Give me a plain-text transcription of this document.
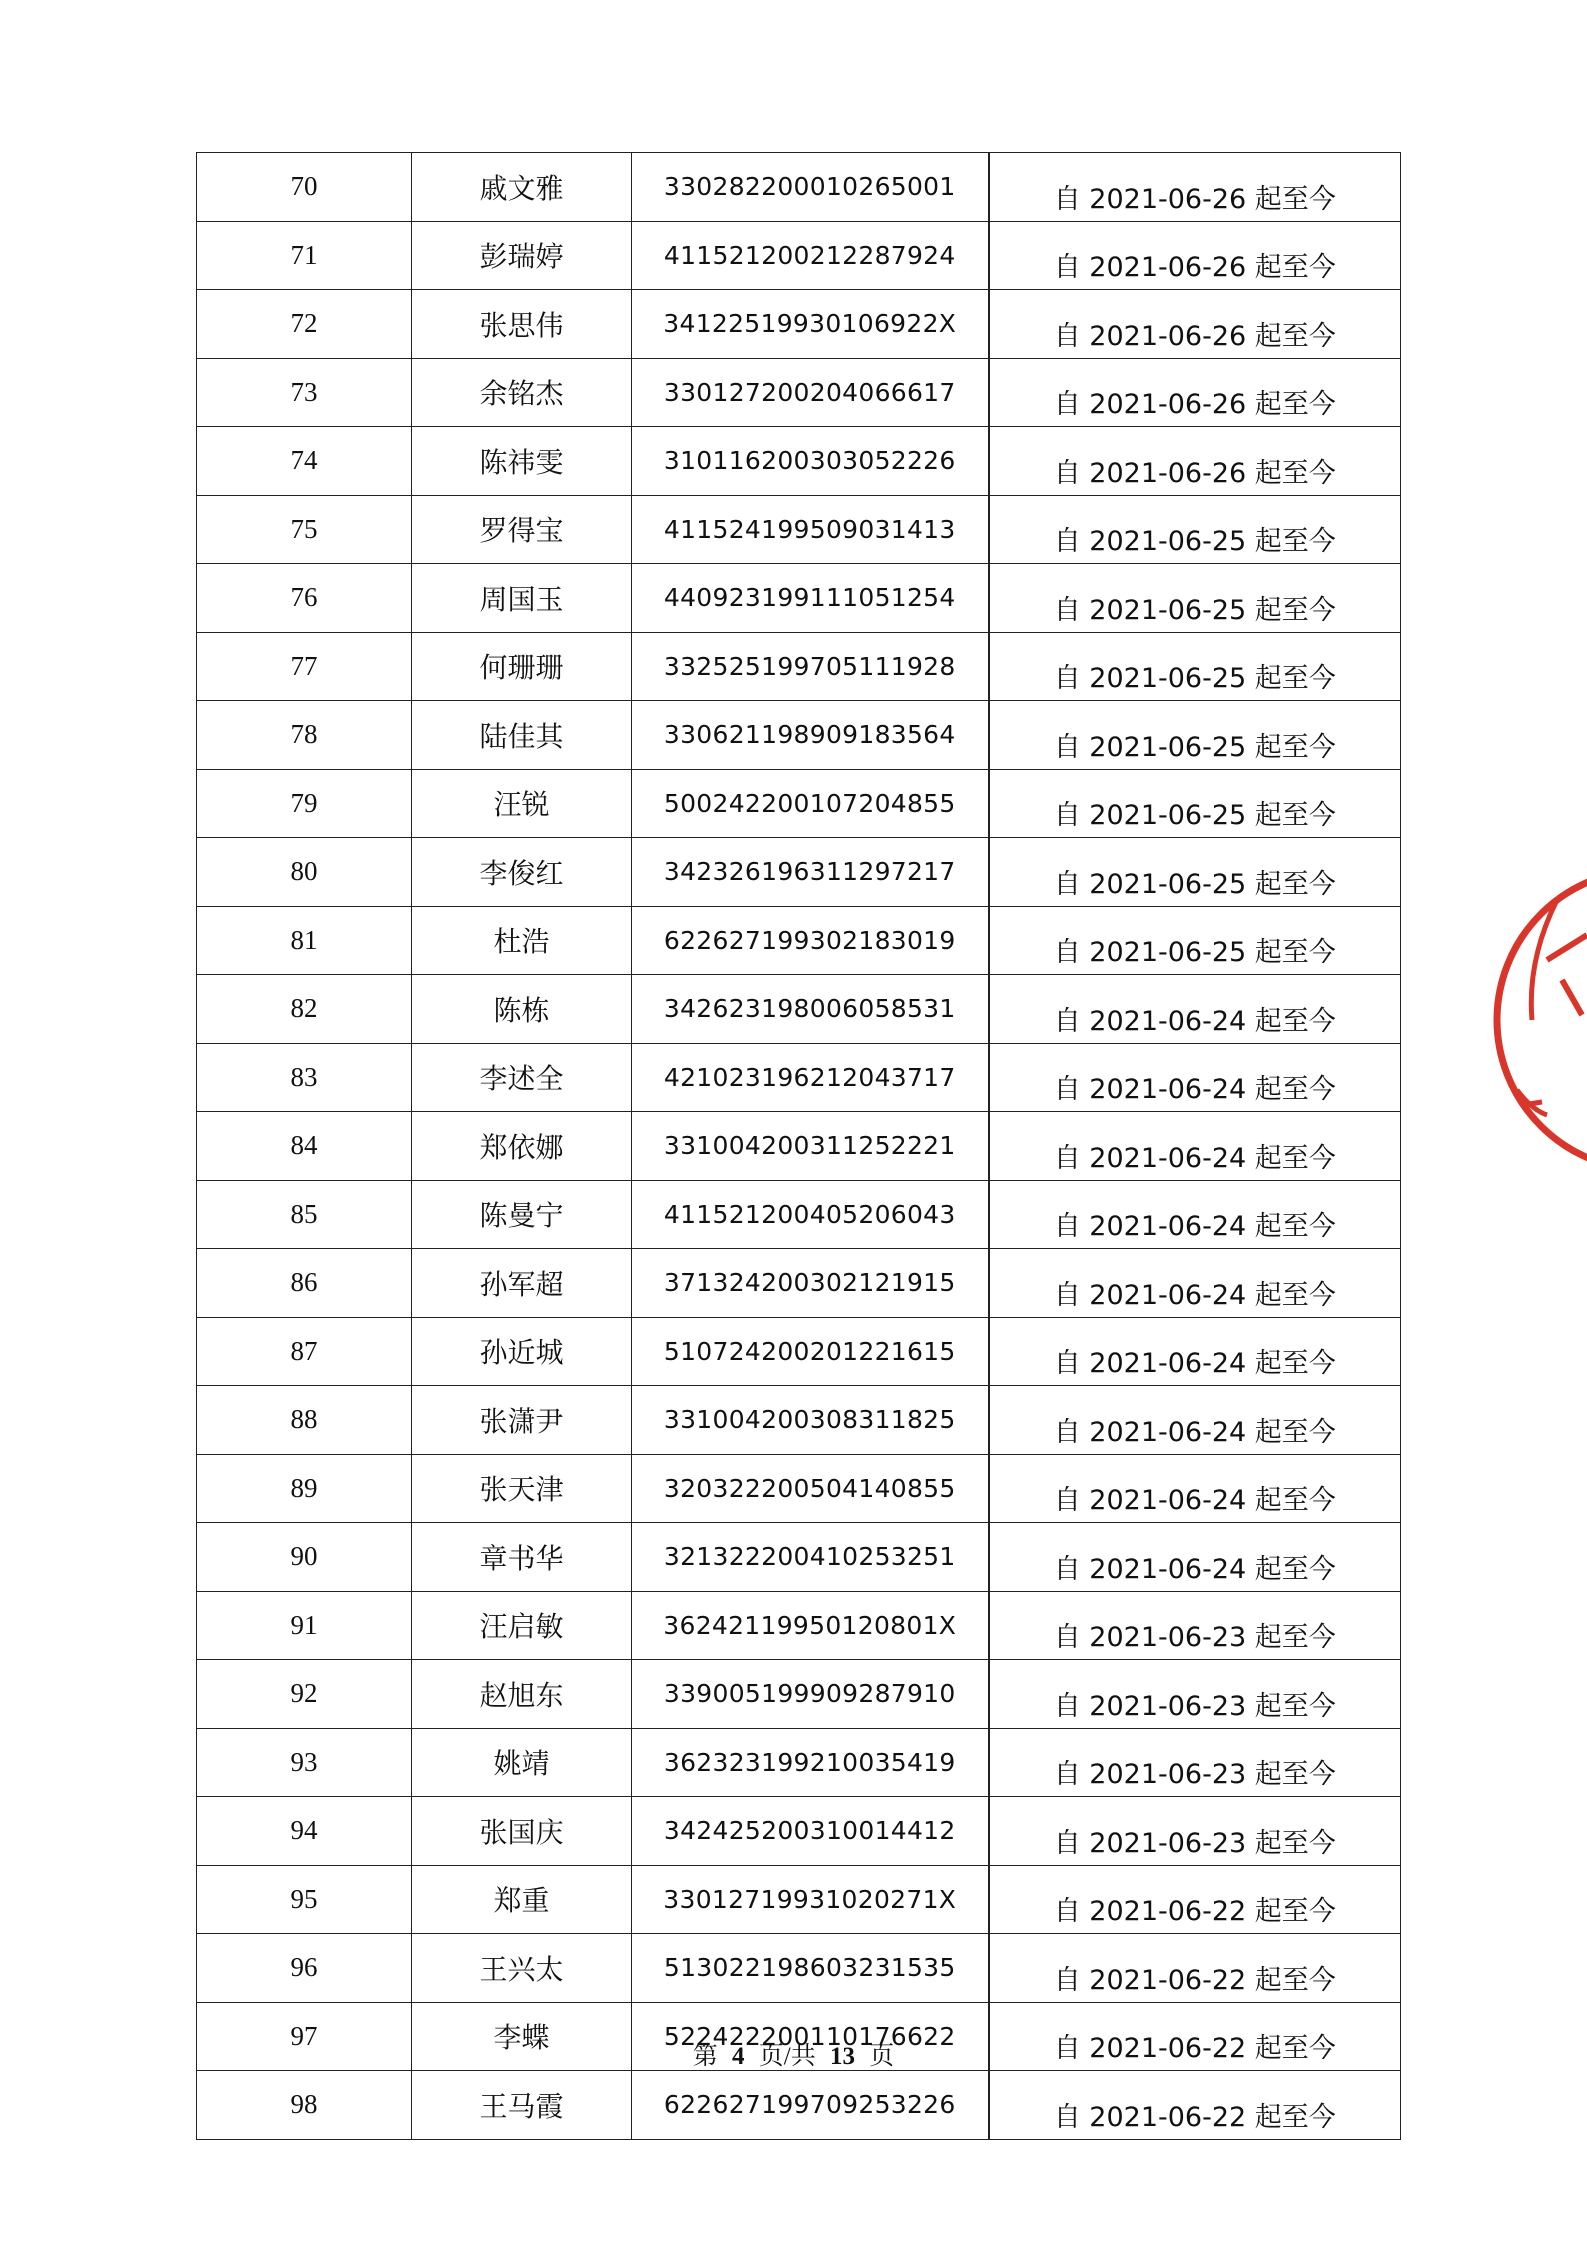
70	戚文雅	330282200010265001	自 2021-06-26 起至今
71	彭瑞婷	411521200212287924	自 2021-06-26 起至今
72	张思伟	34122519930106922X	自 2021-06-26 起至今
73	余铭杰	330127200204066617	自 2021-06-26 起至今
74	陈祎雯	310116200303052226	自 2021-06-26 起至今
75	罗得宝	411524199509031413	自 2021-06-25 起至今
76	周国玉	440923199111051254	自 2021-06-25 起至今
77	何珊珊	332525199705111928	自 2021-06-25 起至今
78	陆佳其	330621198909183564	自 2021-06-25 起至今
79	汪锐	500242200107204855	自 2021-06-25 起至今
80	李俊红	342326196311297217	自 2021-06-25 起至今
81	杜浩	622627199302183019	自 2021-06-25 起至今
82	陈栋	342623198006058531	自 2021-06-24 起至今
83	李述全	421023196212043717	自 2021-06-24 起至今
84	郑依娜	331004200311252221	自 2021-06-24 起至今
85	陈曼宁	411521200405206043	自 2021-06-24 起至今
86	孙军超	371324200302121915	自 2021-06-24 起至今
87	孙近城	510724200201221615	自 2021-06-24 起至今
88	张潇尹	331004200308311825	自 2021-06-24 起至今
89	张天津	320322200504140855	自 2021-06-24 起至今
90	章书华	321322200410253251	自 2021-06-24 起至今
91	汪启敏	36242119950120801X	自 2021-06-23 起至今
92	赵旭东	339005199909287910	自 2021-06-23 起至今
93	姚靖	362323199210035419	自 2021-06-23 起至今
94	张国庆	342425200310014412	自 2021-06-23 起至今
95	郑重	33012719931020271X	自 2021-06-22 起至今
96	王兴太	513022198603231535	自 2021-06-22 起至今
97	李蝶	522422200110176622	自 2021-06-22 起至今
98	王马霞	622627199709253226	自 2021-06-22 起至今
第 4 页/共 13 页
